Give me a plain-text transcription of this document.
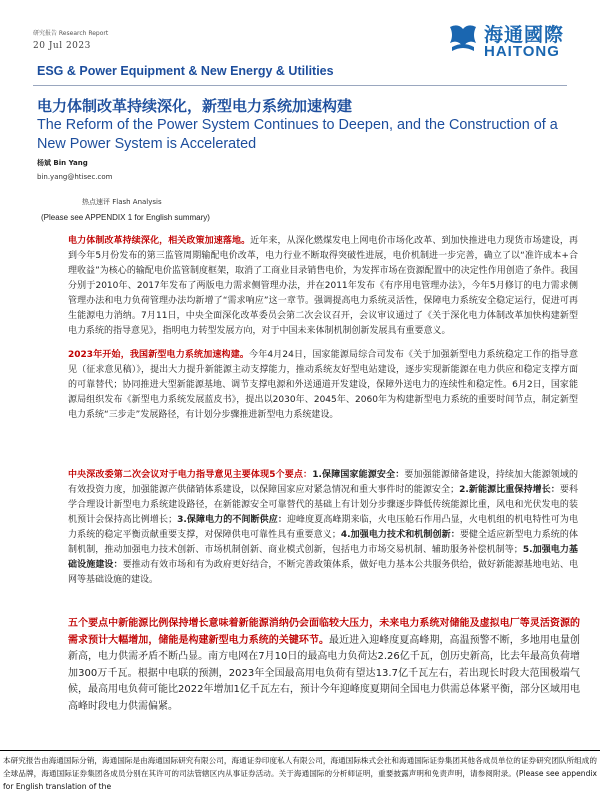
研究报告 Research Report
20 Jul 2023	海通國際
HAITONG
ESG & Power Equipment & New Energy & Utilities
电力体制改革持续深化，新型电力系统加速构建
The Reform of the Power System Continues to Deepen, and the Construction of a New Power System is Accelerated
杨斌 Bin Yang
bin.yang@htisec.com
热点速评 Flash Analysis
(Please see APPENDIX 1 for English summary)
电力体制改革持续深化，相关政策加速落地。近年来，从深化燃煤发电上网电价市场化改革、到加快推进电力现货市场建设，再到今年5月份发布的第三监管周期输配电价改革，电力行业不断取得突破性进展，电价机制进一步完善，确立了以“准许成本+合理收益”为核心的输配电价监管制度框架，取消了工商业目录销售电价，为发挥市场在资源配置中的决定性作用创造了条件。我国分别于2010年、2017年发布了两版电力需求侧管理办法，并在2011年发布《有序用电管理办法》，今年5月修订的电力需求侧管理办法和电力负荷管理办法均新增了“需求响应”这一章节。强调提高电力系统灵活性，保障电力系统安全稳定运行，促进可再生能源电力消纳。7月11日，中央全面深化改革委员会第二次会议召开，会议审议通过了《关于深化电力体制改革加快构建新型电力系统的指导意见》，指明电力转型发展方向，对于中国未来体制机制创新发展具有重要意义。
2023年开始，我国新型电力系统加速构建。今年4月24日，国家能源局综合司发布《关于加强新型电力系统稳定工作的指导意见（征求意见稿）》，提出大力提升新能源主动支撑能力，推动系统友好型电站建设，逐步实现新能源在电力供应和稳定支撑方面的可靠替代；协同推进大型新能源基地、调节支撑电源和外送通道开发建设，保障外送电力的连续性和稳定性。6月2日，国家能源局组织发布《新型电力系统发展蓝皮书》，提出以2030年、2045年、2060年为构建新型电力系统的重要时间节点，制定新型电力系统“三步走”发展路径，有计划分步骤推进新型电力系统建设。
中央深改委第二次会议对于电力指导意见主要体现5个要点：1.保障国家能源安全：要加强能源储备建设，持续加大能源领域的有效投资力度，加强能源产供储销体系建设，以保障国家应对紧急情况和重大事件时的能源安全；2.新能源比重保持增长：要科学合理设计新型电力系统建设路径，在新能源安全可靠替代的基础上有计划分步骤逐步降低传统能源比重，风电和光伏发电的装机预计会保持高比例增长；3.保障电力的不间断供应：迎峰度夏高峰期来临，火电压舱石作用凸显，火电机组的机电特性可为电力系统的稳定平衡贡献重要支撑，对保障供电可靠性具有重要意义；4.加强电力技术和机制创新：要健全适应新型电力系统的体制机制，推动加强电力技术创新、市场机制创新、商业模式创新，包括电力市场交易机制、辅助服务补偿机制等；5.加强电力基础设施建设：要推动有效市场和有为政府更好结合，不断完善政策体系，做好电力基本公共服务供给，做好新能源基地电站、电网等基础设施的建设。
五个要点中新能源比例保持增长意味着新能源消纳仍会面临较大压力，未来电力系统对储能及虚拟电厂等灵活资源的需求预计大幅增加，储能是构建新型电力系统的关键环节。最近进入迎峰度夏高峰期，高温预警不断，多地用电量创新高，电力供需矛盾不断凸显。南方电网在7月10日的最高电力负荷达2.26亿千瓦，创历史新高，比去年最高负荷增加300万千瓦。根据中电联的预测，2023年全国最高用电负荷有望达13.7亿千瓦左右，若出现长时段大范围极端气候，最高用电负荷可能比2022年增加1亿千瓦左右，预计今年迎峰度夏期间全国电力供需总体紧平衡，部分区域用电高峰时段电力供需偏紧。
本研究报告由海通国际分销，海通国际是由海通国际研究有限公司，海通证券印度私人有限公司，海通国际株式会社和海通国际证券集团其他各成员单位的证券研究团队所组成的全球品牌，海通国际证券集团各成员分别在其许可的司法管辖区内从事证券活动。关于海通国际的分析师证明，重要披露声明和免责声明，请参阅附录。(Please see appendix for English translation of the
